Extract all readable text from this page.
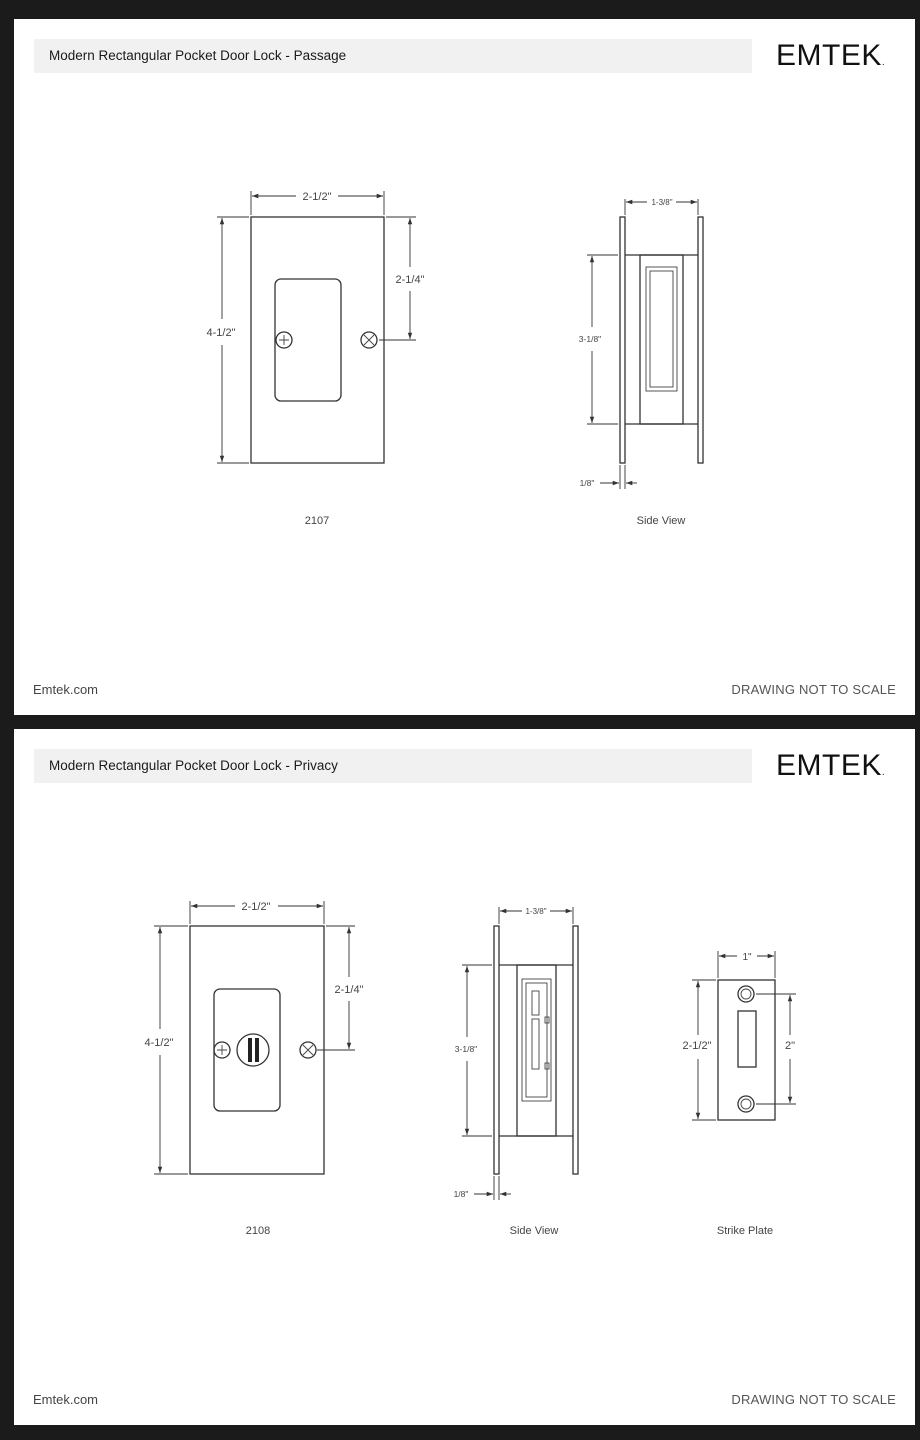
Modern Rectangular Pocket Door Lock - Passage	EMTEK.
2-1/2"
4-1/2"
2-1/4"
2107
1-3/8"
3-1/8"
1/8"
Side View
Emtek.com	DRAWING NOT TO SCALE
Modern Rectangular Pocket Door Lock - Privacy	EMTEK.
2-1/2"
4-1/2"
2-1/4"
2108
1-3/8"
3-1/8"
1/8"
Side View
1"
2-1/2"	2"
Strike Plate
Emtek.com	DRAWING NOT TO SCALE
